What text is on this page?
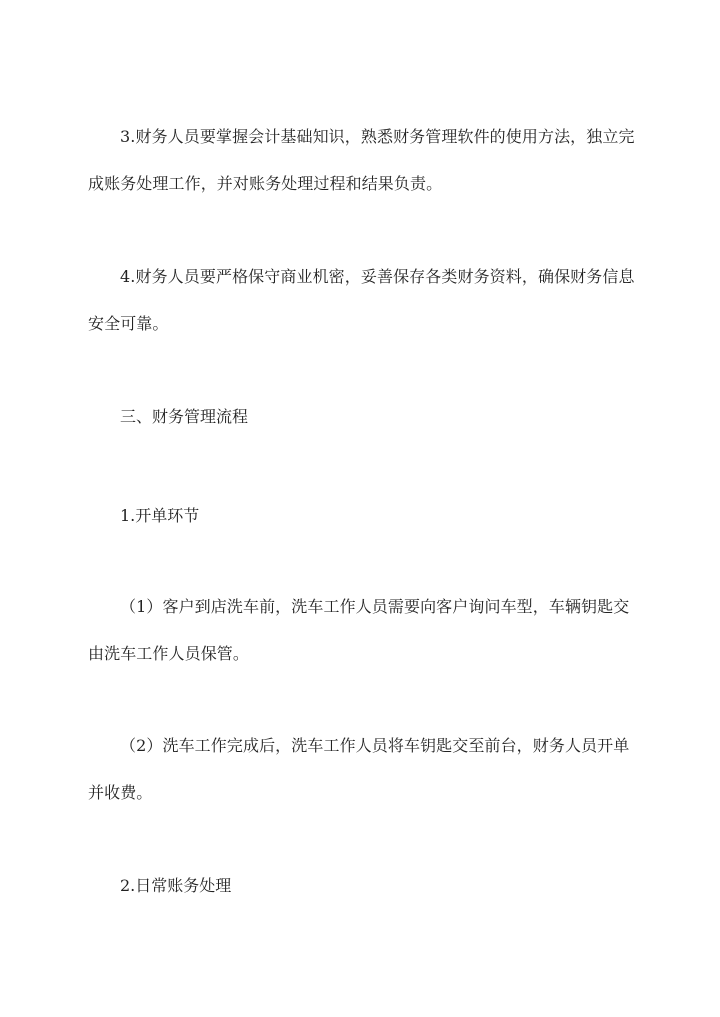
3.财务人员要掌握会计基础知识，熟悉财务管理软件的使用方法，独立完成账务处理工作，并对账务处理过程和结果负责。

4.财务人员要严格保守商业机密，妥善保存各类财务资料，确保财务信息安全可靠。

三、财务管理流程
1.开单环节

（1）客户到店洗车前，洗车工作人员需要向客户询问车型，车辆钥匙交由洗车工作人员保管。

（2）洗车工作完成后，洗车工作人员将车钥匙交至前台，财务人员开单并收费。

2.日常账务处理
